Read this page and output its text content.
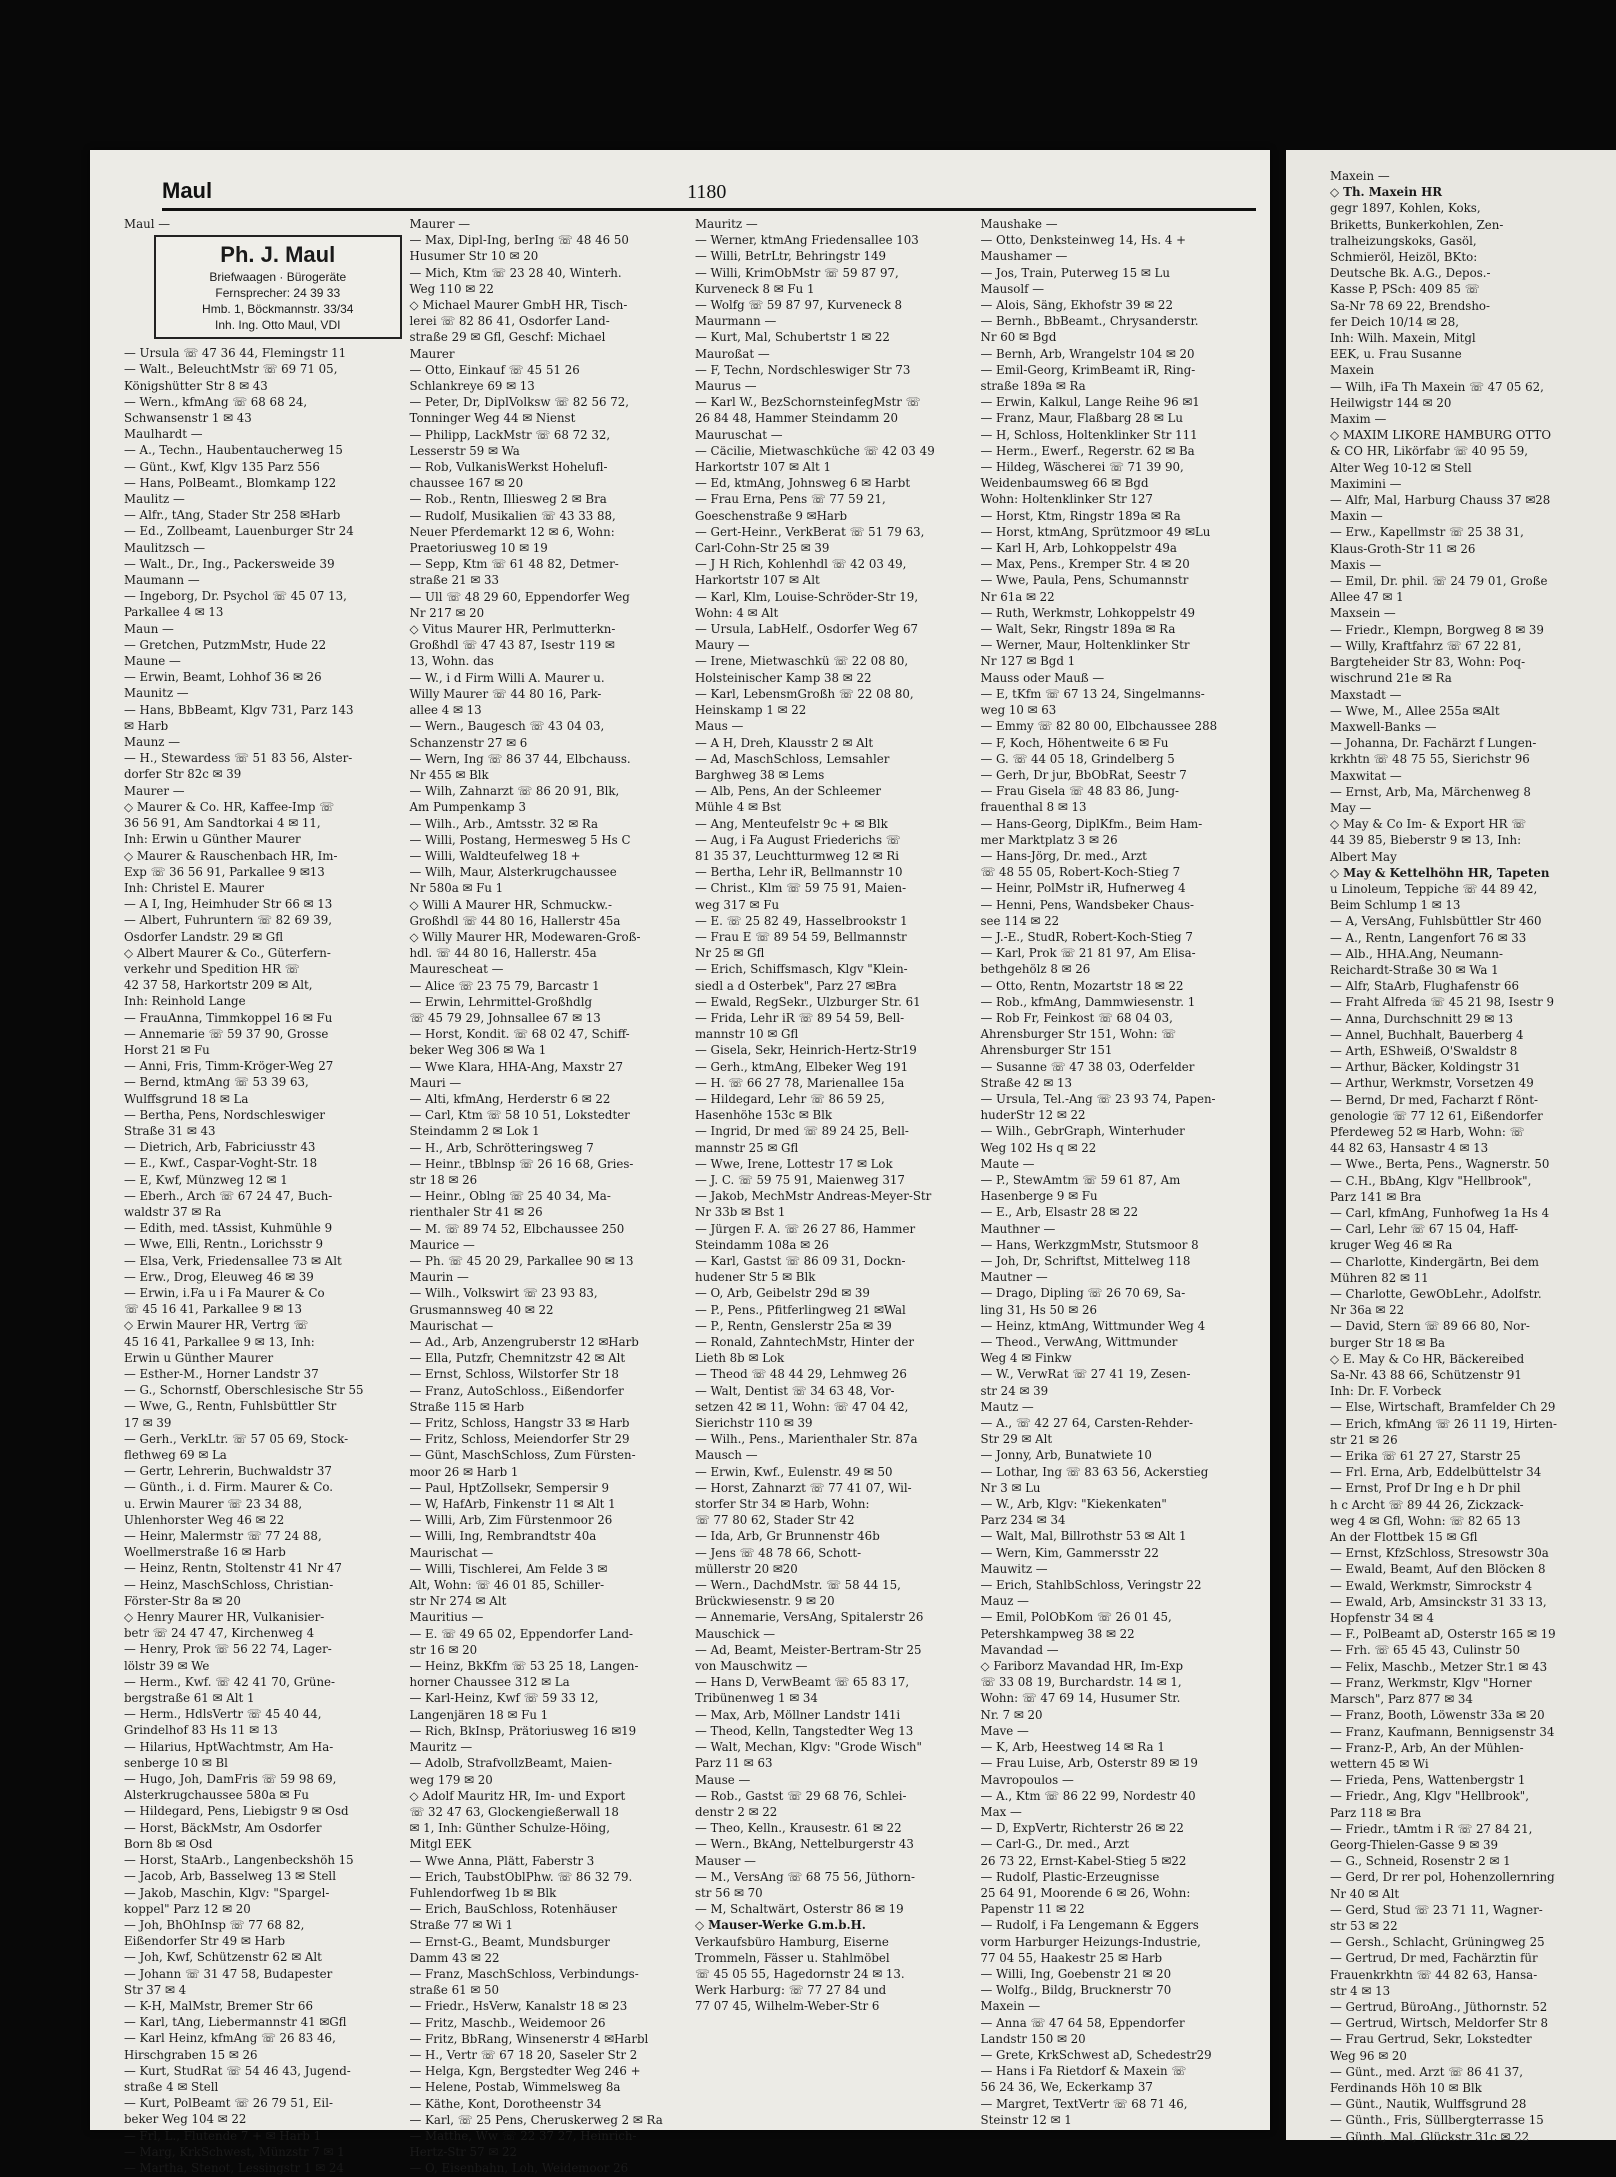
Maul	1180
Maul —
Ph. J. Maul
Briefwaagen · Bürogeräte
Fernsprecher: 24 39 33
Hmb. 1, Böckmannstr. 33/34
Inh. Ing. Otto Maul, VDI
— Ursula ☏ 47 36 44, Flemingstr 11
— Walt., BeleuchtMstr ☏ 69 71 05,
Königshütter Str 8 ✉ 43
— Wern., kfmAng ☏ 68 68 24,
Schwansenstr 1 ✉ 43
Maulhardt —
— A., Techn., Haubentaucherweg 15
— Günt., Kwf, Klgv 135 Parz 556
— Hans, PolBeamt., Blomkamp 122
Maulitz —
— Alfr., tAng, Stader Str 258 ✉Harb
— Ed., Zollbeamt, Lauenburger Str 24
Maulitzsch —
— Walt., Dr., Ing., Packersweide 39
Maumann —
— Ingeborg, Dr. Psychol ☏ 45 07 13,
Parkallee 4 ✉ 13
Maun —
— Gretchen, PutzmMstr, Hude 22
Maune —
— Erwin, Beamt, Lohhof 36 ✉ 26
Maunitz —
— Hans, BbBeamt, Klgv 731, Parz 143
✉ Harb
Maunz —
— H., Stewardess ☏ 51 83 56, Alster-
dorfer Str 82c ✉ 39
Maurer —
◇ Maurer & Co. HR, Kaffee-Imp ☏
36 56 91, Am Sandtorkai 4 ✉ 11,
Inh: Erwin u Günther Maurer
◇ Maurer & Rauschenbach HR, Im-
Exp ☏ 36 56 91, Parkallee 9 ✉13
Inh: Christel E. Maurer
— A I, Ing, Heimhuder Str 66 ✉ 13
— Albert, Fuhruntern ☏ 82 69 39,
Osdorfer Landstr. 29 ✉ Gfl
◇ Albert Maurer & Co., Güterfern-
verkehr und Spedition HR ☏
42 37 58, Harkortstr 209 ✉ Alt,
Inh: Reinhold Lange
— FrauAnna, Timmkoppel 16 ✉ Fu
— Annemarie ☏ 59 37 90, Grosse
Horst 21 ✉ Fu
— Anni, Fris, Timm-Kröger-Weg 27
— Bernd, ktmAng ☏ 53 39 63,
Wulffsgrund 18 ✉ La
— Bertha, Pens, Nordschleswiger
Straße 31 ✉ 43
— Dietrich, Arb, Fabriciusstr 43
— E., Kwf., Caspar-Voght-Str. 18
— E, Kwf, Münzweg 12 ✉ 1
— Eberh., Arch ☏ 67 24 47, Buch-
waldstr 37 ✉ Ra
— Edith, med. tAssist, Kuhmühle 9
— Wwe, Elli, Rentn., Lorichsstr 9
— Elsa, Verk, Friedensallee 73 ✉ Alt
— Erw., Drog, Eleuweg 46 ✉ 39
— Erwin, i.Fa u i Fa Maurer & Co
☏ 45 16 41, Parkallee 9 ✉ 13
◇ Erwin Maurer HR, Vertrg ☏
45 16 41, Parkallee 9 ✉ 13, Inh:
Erwin u Günther Maurer
— Esther-M., Horner Landstr 37
— G., Schornstf, Oberschlesische Str 55
— Wwe, G., Rentn, Fuhlsbüttler Str
17 ✉ 39
— Gerh., VerkLtr. ☏ 57 05 69, Stock-
flethweg 69 ✉ La
— Gertr, Lehrerin, Buchwaldstr 37
— Günth., i. d. Firm. Maurer & Co.
u. Erwin Maurer ☏ 23 34 88,
Uhlenhorster Weg 46 ✉ 22
— Heinr, Malermstr ☏ 77 24 88,
Woellmerstraße 16 ✉ Harb
— Heinz, Rentn, Stoltenstr 41 Nr 47
— Heinz, MaschSchloss, Christian-
Förster-Str 8a ✉ 20
◇ Henry Maurer HR, Vulkanisier-
betr ☏ 24 47 47, Kirchenweg 4
— Henry, Prok ☏ 56 22 74, Lager-
lölstr 39 ✉ We
— Herm., Kwf. ☏ 42 41 70, Grüne-
bergstraße 61 ✉ Alt 1
— Herm., HdlsVertr ☏ 45 40 44,
Grindelhof 83 Hs 11 ✉ 13
— Hilarius, HptWachtmstr, Am Ha-
senberge 10 ✉ Bl
— Hugo, Joh, DamFris ☏ 59 98 69,
Alsterkrugchaussee 580a ✉ Fu
— Hildegard, Pens, Liebigstr 9 ✉ Osd
— Horst, BäckMstr, Am Osdorfer
Born 8b ✉ Osd
— Horst, StaArb., Langenbeckshöh 15
— Jacob, Arb, Basselweg 13 ✉ Stell
— Jakob, Maschin, Klgv: "Spargel-
koppel" Parz 12 ✉ 20
— Joh, BhOhInsp ☏ 77 68 82,
Eißendorfer Str 49 ✉ Harb
— Joh, Kwf, Schützenstr 62 ✉ Alt
— Johann ☏ 31 47 58, Budapester
Str 37 ✉ 4
— K-H, MalMstr, Bremer Str 66
— Karl, tAng, Liebermannstr 41 ✉Gfl
— Karl Heinz, kfmAng ☏ 26 83 46,
Hirschgraben 15 ✉ 26
— Kurt, StudRat ☏ 54 46 43, Jugend-
straße 4 ✉ Stell
— Kurt, PolBeamt ☏ 26 79 51, Eil-
beker Weg 104 ✉ 22
— Frl, L., Flutende 7 + ✉ Harb 1
— Marg, KrkSchwest, Münzstr 7 ✉ 1
— Martha, Stenot, Lessingstr 1 ✉ 24
Maurer —
— Max, Dipl-Ing, berIng ☏ 48 46 50
Husumer Str 10 ✉ 20
— Mich, Ktm ☏ 23 28 40, Winterh.
Weg 110 ✉ 22
◇ Michael Maurer GmbH HR, Tisch-
lerei ☏ 82 86 41, Osdorfer Land-
straße 29 ✉ Gfl, Geschf: Michael
Maurer
— Otto, Einkauf ☏ 45 51 26
Schlankreye 69 ✉ 13
— Peter, Dr, DiplVolksw ☏ 82 56 72,
Tonninger Weg 44 ✉ Nienst
— Philipp, LackMstr ☏ 68 72 32,
Lesserstr 59 ✉ Wa
— Rob, VulkanisWerkst Hohelufl-
chaussee 167 ✉ 20
— Rob., Rentn, Illiesweg 2 ✉ Bra
— Rudolf, Musikalien ☏ 43 33 88,
Neuer Pferdemarkt 12 ✉ 6, Wohn:
Praetoriusweg 10 ✉ 19
— Sepp, Ktm ☏ 61 48 82, Detmer-
straße 21 ✉ 33
— Ull ☏ 48 29 60, Eppendorfer Weg
Nr 217 ✉ 20
◇ Vitus Maurer HR, Perlmutterkn-
Großhdl ☏ 47 43 87, Isestr 119 ✉
13, Wohn. das
— W., i d Firm Willi A. Maurer u.
Willy Maurer ☏ 44 80 16, Park-
allee 4 ✉ 13
— Wern., Baugesch ☏ 43 04 03,
Schanzenstr 27 ✉ 6
— Wern, Ing ☏ 86 37 44, Elbchauss.
Nr 455 ✉ Blk
— Wilh, Zahnarzt ☏ 86 20 91, Blk,
Am Pumpenkamp 3
— Wilh., Arb., Amtsstr. 32 ✉ Ra
— Willi, Postang, Hermesweg 5 Hs C
— Willi, Waldteufelweg 18 +
— Wilh, Maur, Alsterkrugchaussee
Nr 580a ✉ Fu 1
◇ Willi A Maurer HR, Schmuckw.-
Großhdl ☏ 44 80 16, Hallerstr 45a
◇ Willy Maurer HR, Modewaren-Groß-
hdl. ☏ 44 80 16, Hallerstr. 45a
Maurescheat —
— Alice ☏ 23 75 79, Barcastr 1
— Erwin, Lehrmittel-Großhdlg
☏ 45 79 29, Johnsallee 67 ✉ 13
— Horst, Kondit. ☏ 68 02 47, Schiff-
beker Weg 306 ✉ Wa 1
— Wwe Klara, HHA-Ang, Maxstr 27
Mauri —
— Alti, kfmAng, Herderstr 6 ✉ 22
— Carl, Ktm ☏ 58 10 51, Lokstedter
Steindamm 2 ✉ Lok 1
— H., Arb, Schrötteringsweg 7
— Heinr., tBblnsp ☏ 26 16 68, Gries-
str 18 ✉ 26
— Heinr., Oblng ☏ 25 40 34, Ma-
rienthaler Str 41 ✉ 26
— M. ☏ 89 74 52, Elbchaussee 250
Maurice —
— Ph. ☏ 45 20 29, Parkallee 90 ✉ 13
Maurin —
— Wilh., Volkswirt ☏ 23 93 83,
Grusmannsweg 40 ✉ 22
Maurischat —
— Ad., Arb, Anzengruberstr 12 ✉Harb
— Ella, Putzfr, Chemnitzstr 42 ✉ Alt
— Ernst, Schloss, Wilstorfer Str 18
— Franz, AutoSchloss., Eißendorfer
Straße 115 ✉ Harb
— Fritz, Schloss, Hangstr 33 ✉ Harb
— Fritz, Schloss, Meiendorfer Str 29
— Günt, MaschSchloss, Zum Fürsten-
moor 26 ✉ Harb 1
— Paul, HptZollsekr, Sempersir 9
— W, HafArb, Finkenstr 11 ✉ Alt 1
— Willi, Arb, Zim Fürstenmoor 26
— Willi, Ing, Rembrandtstr 40a
Maurischat —
— Willi, Tischlerei, Am Felde 3 ✉
Alt, Wohn: ☏ 46 01 85, Schiller-
str Nr 274 ✉ Alt
Mauritius —
— E. ☏ 49 65 02, Eppendorfer Land-
str 16 ✉ 20
— Heinz, BkKfm ☏ 53 25 18, Langen-
horner Chaussee 312 ✉ La
— Karl-Heinz, Kwf ☏ 59 33 12,
Langenjären 18 ✉ Fu 1
— Rich, BkInsp, Prätoriusweg 16 ✉19
Mauritz —
— Adolb, StrafvollzBeamt, Maien-
weg 179 ✉ 20
◇ Adolf Mauritz HR, Im- und Export
☏ 32 47 63, Glockengießerwall 18
✉ 1, Inh: Günther Schulze-Höing,
Mitgl EEK
— Wwe Anna, Plätt, Faberstr 3
— Erich, TaubstOblPhw. ☏ 86 32 79.
Fuhlendorfweg 1b ✉ Blk
— Erich, BauSchloss, Rotenhäuser
Straße 77 ✉ Wi 1
— Ernst-G., Beamt, Mundsburger
Damm 43 ✉ 22
— Franz, MaschSchloss, Verbindungs-
straße 61 ✉ 50
— Friedr., HsVerw, Kanalstr 18 ✉ 23
— Fritz, Maschb., Weidemoor 26
— Fritz, BbRang, Winsenerstr 4 ✉Harbl
— H., Vertr ☏ 67 18 20, Saseler Str 2
— Helga, Kgn, Bergstedter Weg 246 +
— Helene, Postab, Wimmelsweg 8a
— Käthe, Kont, Dorotheenstr 34
— Karl, ☏ 25 Pens, Cheruskerweg 2 ✉ Ra
— Matthe, Ww ☏ 22 37 27, Heinrich-
Hertz-Str 57 ✉ 22
— O, Eisenbahn, Loh, Weidemoor 26
Mauritz —
— Werner, ktmAng Friedensallee 103
— Willi, BetrLtr, Behringstr 149
— Willi, KrimObMstr ☏ 59 87 97,
Kurveneck 8 ✉ Fu 1
— Wolfg ☏ 59 87 97, Kurveneck 8
Maurmann —
— Kurt, Mal, Schubertstr 1 ✉ 22
Mauroßat —
— F, Techn, Nordschleswiger Str 73
Maurus —
— Karl W., BezSchornsteinfegMstr ☏
26 84 48, Hammer Steindamm 20
Mauruschat —
— Cäcilie, Mietwaschküche ☏ 42 03 49
Harkortstr 107 ✉ Alt 1
— Ed, ktmAng, Johnsweg 6 ✉ Harbt
— Frau Erna, Pens ☏ 77 59 21,
Goeschenstraße 9 ✉Harb
— Gert-Heinr., VerkBerat ☏ 51 79 63,
Carl-Cohn-Str 25 ✉ 39
— J H Rich, Kohlenhdl ☏ 42 03 49,
Harkortstr 107 ✉ Alt
— Karl, Klm, Louise-Schröder-Str 19,
Wohn: 4 ✉ Alt
— Ursula, LabHelf., Osdorfer Weg 67
Maury —
— Irene, Mietwaschkü ☏ 22 08 80,
Holsteinischer Kamp 38 ✉ 22
— Karl, LebensmGroßh ☏ 22 08 80,
Heinskamp 1 ✉ 22
Maus —
— A H, Dreh, Klausstr 2 ✉ Alt
— Ad, MaschSchloss, Lemsahler
Barghweg 38 ✉ Lems
— Alb, Pens, An der Schleemer
Mühle 4 ✉ Bst
— Ang, Menteufelstr 9c + ✉ Blk
— Aug, i Fa August Friederichs ☏
81 35 37, Leuchtturmweg 12 ✉ Ri
— Bertha, Lehr iR, Bellmannstr 10
— Christ., Klm ☏ 59 75 91, Maien-
weg 317 ✉ Fu
— E. ☏ 25 82 49, Hasselbrookstr 1
— Frau E ☏ 89 54 59, Bellmannstr
Nr 25 ✉ Gfl
— Erich, Schiffsmasch, Klgv "Klein-
siedl a d Osterbek", Parz 27 ✉Bra
— Ewald, RegSekr., Ulzburger Str. 61
— Frida, Lehr iR ☏ 89 54 59, Bell-
mannstr 10 ✉ Gfl
— Gisela, Sekr, Heinrich-Hertz-Str19
— Gerh., ktmAng, Elbeker Weg 191
— H. ☏ 66 27 78, Marienallee 15a
— Hildegard, Lehr ☏ 86 59 25,
Hasenhöhe 153c ✉ Blk
— Ingrid, Dr med ☏ 89 24 25, Bell-
mannstr 25 ✉ Gfl
— Wwe, Irene, Lottestr 17 ✉ Lok
— J. C. ☏ 59 75 91, Maienweg 317
— Jakob, MechMstr Andreas-Meyer-Str
Nr 33b ✉ Bst 1
— Jürgen F. A. ☏ 26 27 86, Hammer
Steindamm 108a ✉ 26
— Karl, Gastst ☏ 86 09 31, Dockn-
hudener Str 5 ✉ Blk
— O, Arb, Geibelstr 29d ✉ 39
— P., Pens., Pfitferlingweg 21 ✉Wal
— P., Rentn, Genslerstr 25a ✉ 39
— Ronald, ZahntechMstr, Hinter der
Lieth 8b ✉ Lok
— Theod ☏ 48 44 29, Lehmweg 26
— Walt, Dentist ☏ 34 63 48, Vor-
setzen 42 ✉ 11, Wohn: ☏ 47 04 42,
Sierichstr 110 ✉ 39
— Wilh., Pens., Marienthaler Str. 87a
Mausch —
— Erwin, Kwf., Eulenstr. 49 ✉ 50
— Horst, Zahnarzt ☏ 77 41 07, Wil-
storfer Str 34 ✉ Harb, Wohn:
☏ 77 80 62, Stader Str 42
— Ida, Arb, Gr Brunnenstr 46b
— Jens ☏ 48 78 66, Schott-
müllerstr 20 ✉20
— Wern., DachdMstr. ☏ 58 44 15,
Brückwiesenstr. 9 ✉ 20
— Annemarie, VersAng, Spitalerstr 26
Mauschick —
— Ad, Beamt, Meister-Bertram-Str 25
von Mauschwitz —
— Hans D, VerwBeamt ☏ 65 83 17,
Tribünenweg 1 ✉ 34
— Max, Arb, Möllner Landstr 141i
— Theod, Kelln, Tangstedter Weg 13
— Walt, Mechan, Klgv: "Grode Wisch"
Parz 11 ✉ 63
Mause —
— Rob., Gastst ☏ 29 68 76, Schlei-
denstr 2 ✉ 22
— Theo, Kelln., Krausestr. 61 ✉ 22
— Wern., BkAng, Nettelburgerstr 43
Mauser —
— M., VersAng ☏ 68 75 56, Jüthorn-
str 56 ✉ 70
— M, Schaltwärt, Osterstr 86 ✉ 19
◇ Mauser-Werke G.m.b.H.
Verkaufsbüro Hamburg, Eiserne
Trommeln, Fässer u. Stahlmöbel
☏ 45 05 55, Hagedornstr 24 ✉ 13.
Werk Harburg: ☏ 77 27 84 und
77 07 45, Wilhelm-Weber-Str 6
Maushake —
— Otto, Denksteinweg 14, Hs. 4 +
Maushamer —
— Jos, Train, Puterweg 15 ✉ Lu
Mausolf —
— Alois, Säng, Ekhofstr 39 ✉ 22
— Bernh., BbBeamt., Chrysanderstr.
Nr 60 ✉ Bgd
— Bernh, Arb, Wrangelstr 104 ✉ 20
— Emil-Georg, KrimBeamt iR, Ring-
straße 189a ✉ Ra
— Erwin, Kalkul, Lange Reihe 96 ✉1
— Franz, Maur, Flaßbarg 28 ✉ Lu
— H, Schloss, Holtenklinker Str 111
— Herm., Ewerf., Regerstr. 62 ✉ Ba
— Hildeg, Wäscherei ☏ 71 39 90,
Weidenbaumsweg 66 ✉ Bgd
Wohn: Holtenklinker Str 127
— Horst, Ktm, Ringstr 189a ✉ Ra
— Horst, ktmAng, Sprützmoor 49 ✉Lu
— Karl H, Arb, Lohkoppelstr 49a
— Max, Pens., Kremper Str. 4 ✉ 20
— Wwe, Paula, Pens, Schumannstr
Nr 61a ✉ 22
— Ruth, Werkmstr, Lohkoppelstr 49
— Walt, Sekr, Ringstr 189a ✉ Ra
— Werner, Maur, Holtenklinker Str
Nr 127 ✉ Bgd 1
Mauss oder Mauß —
— E, tKfm ☏ 67 13 24, Singelmanns-
weg 10 ✉ 63
— Emmy ☏ 82 80 00, Elbchaussee 288
— F, Koch, Höhentweite 6 ✉ Fu
— G. ☏ 44 05 18, Grindelberg 5
— Gerh, Dr jur, BbObRat, Seestr 7
— Frau Gisela ☏ 48 83 86, Jung-
frauenthal 8 ✉ 13
— Hans-Georg, DiplKfm., Beim Ham-
mer Marktplatz 3 ✉ 26
— Hans-Jörg, Dr. med., Arzt
☏ 48 55 05, Robert-Koch-Stieg 7
— Heinr, PolMstr iR, Hufnerweg 4
— Henni, Pens, Wandsbeker Chaus-
see 114 ✉ 22
— J.-E., StudR, Robert-Koch-Stieg 7
— Karl, Prok ☏ 21 81 97, Am Elisa-
bethgehölz 8 ✉ 26
— Otto, Rentn, Mozartstr 18 ✉ 22
— Rob., kfmAng, Dammwiesenstr. 1
— Rob Fr, Feinkost ☏ 68 04 03,
Ahrensburger Str 151, Wohn: ☏
Ahrensburger Str 151
— Susanne ☏ 47 38 03, Oderfelder
Straße 42 ✉ 13
— Ursula, Tel.-Ang ☏ 23 93 74, Papen-
huderStr 12 ✉ 22
— Wilh., GebrGraph, Winterhuder
Weg 102 Hs q ✉ 22
Maute —
— P., StewAmtm ☏ 59 61 87, Am
Hasenberge 9 ✉ Fu
— E., Arb, Elsastr 28 ✉ 22
Mauthner —
— Hans, WerkzgmMstr, Stutsmoor 8
— Joh, Dr, Schriftst, Mittelweg 118
Mautner —
— Drago, Dipling ☏ 26 70 69, Sa-
ling 31, Hs 50 ✉ 26
— Heinz, ktmAng, Wittmunder Weg 4
— Theod., VerwAng, Wittmunder
Weg 4 ✉ Finkw
— W., VerwRat ☏ 27 41 19, Zesen-
str 24 ✉ 39
Mautz —
— A., ☏ 42 27 64, Carsten-Rehder-
Str 29 ✉ Alt
— Jonny, Arb, Bunatwiete 10
— Lothar, Ing ☏ 83 63 56, Ackerstieg
Nr 3 ✉ Lu
— W., Arb, Klgv: "Kiekenkaten"
Parz 234 ✉ 34
— Walt, Mal, Billrothstr 53 ✉ Alt 1
— Wern, Kim, Gammersstr 22
Mauwitz —
— Erich, StahlbSchloss, Veringstr 22
Mauz —
— Emil, PolObKom ☏ 26 01 45,
Petershkampweg 38 ✉ 22
Mavandad —
◇ Fariborz Mavandad HR, Im-Exp
☏ 33 08 19, Burchardstr. 14 ✉ 1,
Wohn: ☏ 47 69 14, Husumer Str.
Nr. 7 ✉ 20
Mave —
— K, Arb, Heestweg 14 ✉ Ra 1
— Frau Luise, Arb, Osterstr 89 ✉ 19
Mavropoulos —
— A., Ktm ☏ 86 22 99, Nordestr 40
Max —
— D, ExpVertr, Richterstr 26 ✉ 22
— Carl-G., Dr. med., Arzt
26 73 22, Ernst-Kabel-Stieg 5 ✉22
— Rudolf, Plastic-Erzeugnisse
25 64 91, Moorende 6 ✉ 26, Wohn:
Papenstr 11 ✉ 22
— Rudolf, i Fa Lengemann & Eggers
vorm Harburger Heizungs-Industrie,
77 04 55, Haakestr 25 ✉ Harb
— Willi, Ing, Goebenstr 21 ✉ 20
— Wolfg., Bildg, Brucknerstr 70
Maxein —
— Anna ☏ 47 64 58, Eppendorfer
Landstr 150 ✉ 20
— Grete, KrkSchwest aD, Schedestr29
— Hans i Fa Rietdorf & Maxein ☏
56 24 36, We, Eckerkamp 37
— Margret, TextVertr ☏ 68 71 46,
Steinstr 12 ✉ 1
Maxein —
◇ Th. Maxein HR
gegr 1897, Kohlen, Koks,
Briketts, Bunkerkohlen, Zen-
tralheizungskoks, Gasöl,
Schmieröl, Heizöl, BKto:
Deutsche Bk. A.G., Depos.-
Kasse P, PSch: 409 85 ☏
Sa-Nr 78 69 22, Brendsho-
fer Deich 10/14 ✉ 28,
Inh: Wilh. Maxein, Mitgl
EEK, u. Frau Susanne
Maxein
— Wilh, iFa Th Maxein ☏ 47 05 62,
Heilwigstr 144 ✉ 20
Maxim —
◇ MAXIM LIKORE HAMBURG OTTO
& CO HR, Likörfabr ☏ 40 95 59,
Alter Weg 10-12 ✉ Stell
Maximini —
— Alfr, Mal, Harburg Chauss 37 ✉28
Maxin —
— Erw., Kapellmstr ☏ 25 38 31,
Klaus-Groth-Str 11 ✉ 26
Maxis —
— Emil, Dr. phil. ☏ 24 79 01, Große
Allee 47 ✉ 1
Maxsein —
— Friedr., Klempn, Borgweg 8 ✉ 39
— Willy, Kraftfahrz ☏ 67 22 81,
Bargteheider Str 83, Wohn: Poq-
wischrund 21e ✉ Ra
Maxstadt —
— Wwe, M., Allee 255a ✉Alt
Maxwell-Banks —
— Johanna, Dr. Fachärzt f Lungen-
krkhtn ☏ 48 75 55, Sierichstr 96
Maxwitat —
— Ernst, Arb, Ma, Märchenweg 8
May —
◇ May & Co Im- & Export HR ☏
44 39 85, Bieberstr 9 ✉ 13, Inh:
Albert May
◇ May & Kettelhöhn HR, Tapeten
u Linoleum, Teppiche ☏ 44 89 42,
Beim Schlump 1 ✉ 13
— A, VersAng, Fuhlsbüttler Str 460
— A., Rentn, Langenfort 76 ✉ 33
— Alb., HHA.Ang, Neumann-
Reichardt-Straße 30 ✉ Wa 1
— Alfr, StaArb, Flughafenstr 66
— Fraht Alfreda ☏ 45 21 98, Isestr 9
— Anna, Durchschnitt 29 ✉ 13
— Annel, Buchhalt, Bauerberg 4
— Arth, EShweiß, O'Swaldstr 8
— Arthur, Bäcker, Koldingstr 31
— Arthur, Werkmstr, Vorsetzen 49
— Bernd, Dr med, Facharzt f Rönt-
genologie ☏ 77 12 61, Eißendorfer
Pferdeweg 52 ✉ Harb, Wohn: ☏
44 82 63, Hansastr 4 ✉ 13
— Wwe., Berta, Pens., Wagnerstr. 50
— C.H., BbAng, Klgv "Hellbrook",
Parz 141 ✉ Bra
— Carl, kfmAng, Funhofweg 1a Hs 4
— Carl, Lehr ☏ 67 15 04, Haff-
kruger Weg 46 ✉ Ra
— Charlotte, Kindergärtn, Bei dem
Mühren 82 ✉ 11
— Charlotte, GewObLehr., Adolfstr.
Nr 36a ✉ 22
— David, Stern ☏ 89 66 80, Nor-
burger Str 18 ✉ Ba
◇ E. May & Co HR, Bäckereibed
Sa-Nr. 43 88 66, Schützenstr 91
Inh: Dr. F. Vorbeck
— Else, Wirtschaft, Bramfelder Ch 29
— Erich, kfmAng ☏ 26 11 19, Hirten-
str 21 ✉ 26
— Erika ☏ 61 27 27, Starstr 25
— Frl. Erna, Arb, Eddelbüttelstr 34
— Ernst, Prof Dr Ing e h Dr phil
h c Archt ☏ 89 44 26, Zickzack-
weg 4 ✉ Gfl, Wohn: ☏ 82 65 13
An der Flottbek 15 ✉ Gfl
— Ernst, KfzSchloss, Stresowstr 30a
— Ewald, Beamt, Auf den Blöcken 8
— Ewald, Werkmstr, Simrockstr 4
— Ewald, Arb, Amsinckstr 31 33 13,
Hopfenstr 34 ✉ 4
— F., PolBeamt aD, Osterstr 165 ✉ 19
— Frh. ☏ 65 45 43, Culinstr 50
— Felix, Maschb., Metzer Str.1 ✉ 43
— Franz, Werkmstr, Klgv "Horner
Marsch", Parz 877 ✉ 34
— Franz, Booth, Löwenstr 33a ✉ 20
— Franz, Kaufmann, Bennigsenstr 34
— Franz-P., Arb, An der Mühlen-
wettern 45 ✉ Wi
— Frieda, Pens, Wattenbergstr 1
— Friedr., Ang, Klgv "Hellbrook",
Parz 118 ✉ Bra
— Friedr., tAmtm i R ☏ 27 84 21,
Georg-Thielen-Gasse 9 ✉ 39
— G., Schneid, Rosenstr 2 ✉ 1
— Gerd, Dr rer pol, Hohenzollernring
Nr 40 ✉ Alt
— Gerd, Stud ☏ 23 71 11, Wagner-
str 53 ✉ 22
— Gersh., Schlacht, Grüningweg 25
— Gertrud, Dr med, Fachärztin für
Frauenkrkhtn ☏ 44 82 63, Hansa-
str 4 ✉ 13
— Gertrud, BüroAng., Jüthornstr. 52
— Gertrud, Wirtsch, Meldorfer Str 8
— Frau Gertrud, Sekr, Lokstedter
Weg 96 ✉ 20
— Günt., med. Arzt ☏ 86 41 37,
Ferdinands Höh 10 ✉ Blk
— Günt., Nautik, Wulffsgrund 28
— Günth., Fris, Süllbergterrasse 15
— Günth, Mal, Glückstr 31c ✉ 22
